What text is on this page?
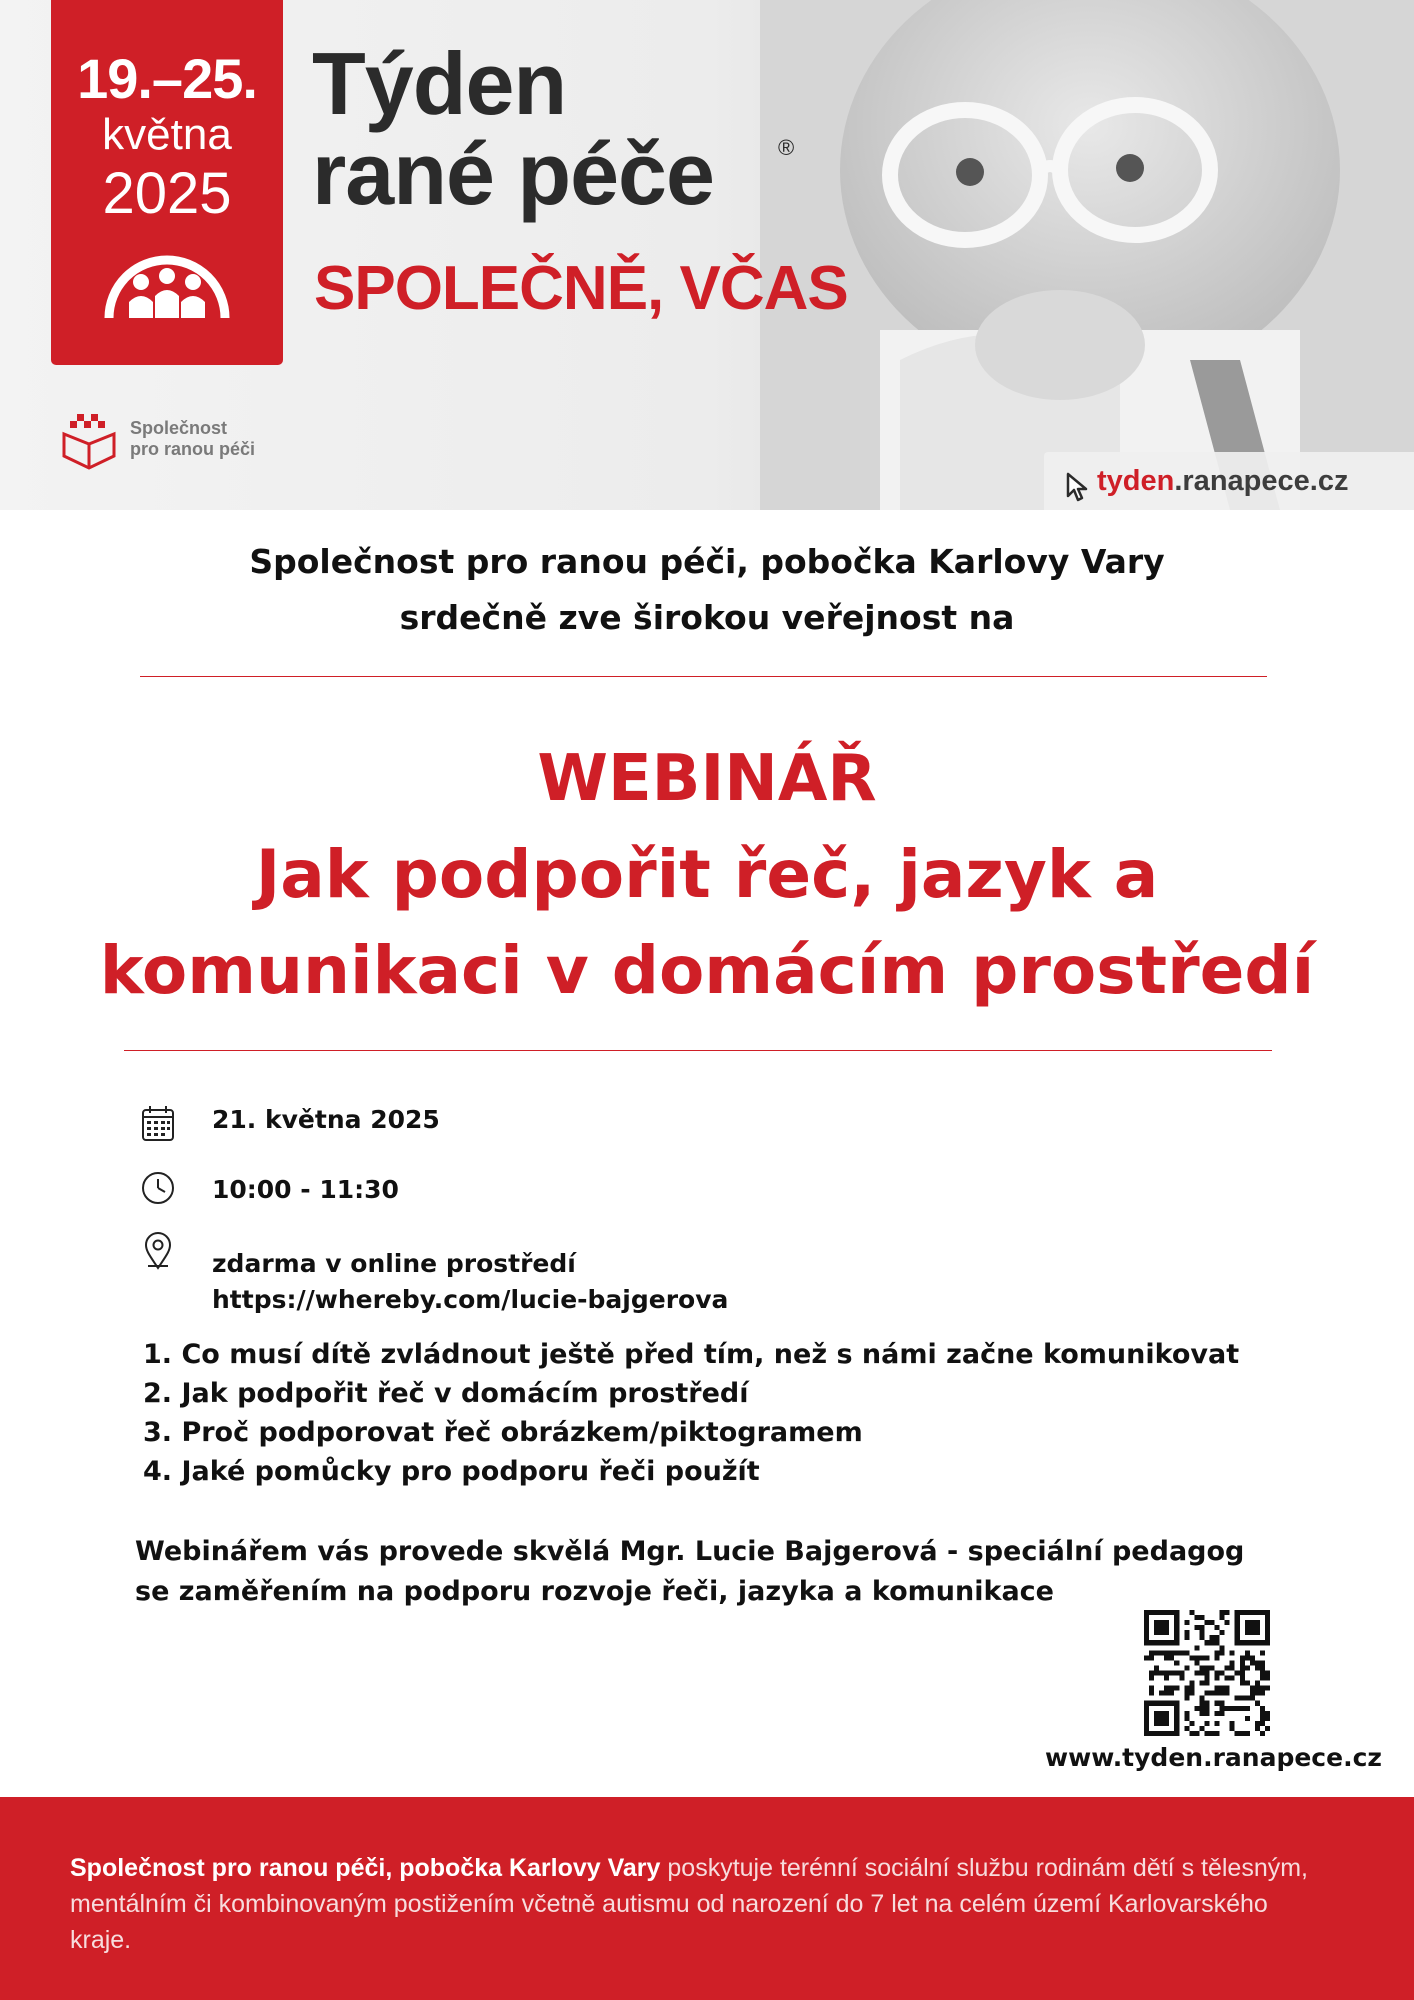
19.–25.
května
2025
Týden
rané péče	®
SPOLEČNĚ, VČAS
Společnost
pro ranou péči
tyden.ranapece.cz
Společnost pro ranou péči, pobočka Karlovy Vary
srdečně zve širokou veřejnost na
WEBINÁŘ
Jak podpořit řeč, jazyk a
komunikaci v domácím prostředí
21. května 2025
10:00 - 11:30
zdarma v online prostředí
https://whereby.com/lucie-bajgerova
1. Co musí dítě zvládnout ještě před tím, než s námi začne komunikovat
2. Jak podpořit řeč v domácím prostředí
3. Proč podporovat řeč obrázkem/piktogramem
4. Jaké pomůcky pro podporu řeči použít
Webinářem vás provede skvělá Mgr. Lucie Bajgerová - speciální pedagog se zaměřením na podporu rozvoje řeči, jazyka a komunikace
www.tyden.ranapece.cz
Společnost pro ranou péči, pobočka Karlovy Vary poskytuje terénní sociální službu rodinám dětí s tělesným, mentálním či kombinovaným postižením včetně autismu od narození do 7 let na celém území Karlovarského kraje.
